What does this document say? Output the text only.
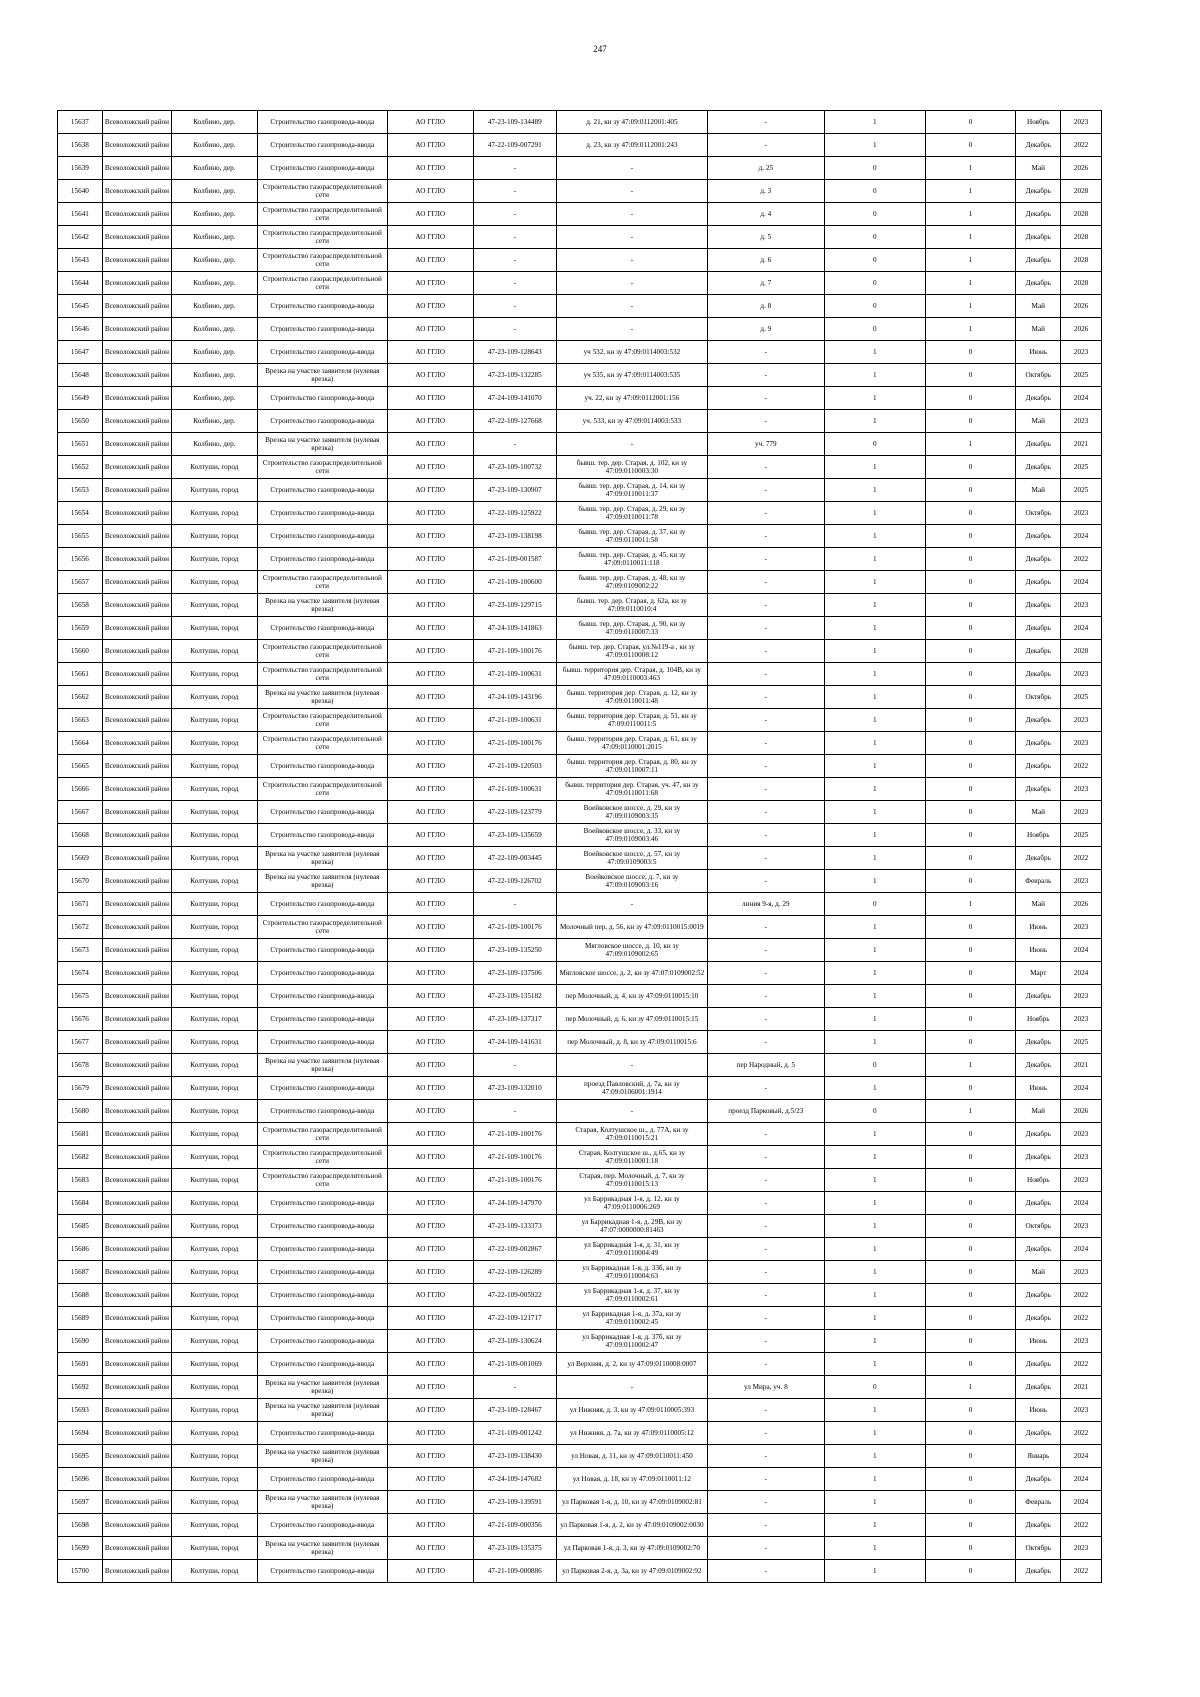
247
15637	Всеволожский район	Колбино, дер.	Строительство газопровода-ввода	АО ГГЛО	47-23-109-134489	д. 21, кн зу 47:09:0112001:405	-	1	0	Ноябрь	2023
15638	Всеволожский район	Колбино, дер.	Строительство газопровода-ввода	АО ГГЛО	47-22-109-007291	д. 23, кн зу 47:09:0112001:243	-	1	0	Декабрь	2022
15639	Всеволожский район	Колбино, дер.	Строительство газопровода-ввода	АО ГГЛО	-	-	д. 25	0	1	Май	2026
15640	Всеволожский район	Колбино, дер.	Строительство газораспределительной сети	АО ГГЛО	-	-	д. 3	0	1	Декабрь	2028
15641	Всеволожский район	Колбино, дер.	Строительство газораспределительной сети	АО ГГЛО	-	-	д. 4	0	1	Декабрь	2028
15642	Всеволожский район	Колбино, дер.	Строительство газораспределительной сети	АО ГГЛО	-	-	д. 5	0	1	Декабрь	2028
15643	Всеволожский район	Колбино, дер.	Строительство газораспределительной сети	АО ГГЛО	-	-	д. 6	0	1	Декабрь	2028
15644	Всеволожский район	Колбино, дер.	Строительство газораспределительной сети	АО ГГЛО	-	-	д. 7	0	1	Декабрь	2028
15645	Всеволожский район	Колбино, дер.	Строительство газопровода-ввода	АО ГГЛО	-	-	д. 8	0	1	Май	2026
15646	Всеволожский район	Колбино, дер.	Строительство газопровода-ввода	АО ГГЛО	-	-	д. 9	0	1	Май	2026
15647	Всеволожский район	Колбино, дер.	Строительство газопровода-ввода	АО ГГЛО	47-23-109-128643	уч 532, кн зу 47:09:0114003:532	-	1	0	Июнь	2023
15648	Всеволожский район	Колбино, дер.	Врезка на участке заявителя (нулевая врезка)	АО ГГЛО	47-23-109-132285	уч 535, кн зу 47:09:0114003:535	-	1	0	Октябрь	2025
15649	Всеволожский район	Колбино, дер.	Строительство газопровода-ввода	АО ГГЛО	47-24-109-141070	уч. 22, кн зу 47:09:0112001:156	-	1	0	Декабрь	2024
15650	Всеволожский район	Колбино, дер.	Строительство газопровода-ввода	АО ГГЛО	47-22-109-127668	уч. 533, кн зу 47:09:0114003:533	-	1	0	Май	2023
15651	Всеволожский район	Колбино, дер.	Врезка на участке заявителя (нулевая врезка)	АО ГГЛО	-	-	уч. 779	0	1	Декабрь	2021
15652	Всеволожский район	Колтуши, город	Строительство газораспределительной сети	АО ГГЛО	47-23-109-100732	бывш. тер. дер. Старая, д. 102, кн зу 47:09:0110003:30	-	1	0	Декабрь	2025
15653	Всеволожский район	Колтуши, город	Строительство газопровода-ввода	АО ГГЛО	47-23-109-130907	бывш. тер. дер. Старая, д. 14, кн зу 47:09:0110011:37	-	1	0	Май	2025
15654	Всеволожский район	Колтуши, город	Строительство газопровода-ввода	АО ГГЛО	47-22-109-125922	бывш. тер. дер. Старая, д. 29, кн зу 47:09:0110011:78	-	1	0	Октябрь	2023
15655	Всеволожский район	Колтуши, город	Строительство газопровода-ввода	АО ГГЛО	47-23-109-138198	бывш. тер. дер. Старая, д. 37, кн зу 47:09:0110011:58	-	1	0	Декабрь	2024
15656	Всеволожский район	Колтуши, город	Строительство газопровода-ввода	АО ГГЛО	47-21-109-001587	бывш. тер. дер. Старая, д. 45, кн зу 47:09:0110011:118	-	1	0	Декабрь	2022
15657	Всеволожский район	Колтуши, город	Строительство газораспределительной сети	АО ГГЛО	47-21-109-100600	бывш. тер. дер. Старая, д. 48, кн зу 47:09:0109002:22	-	1	0	Декабрь	2024
15658	Всеволожский район	Колтуши, город	Врезка на участке заявителя (нулевая врезка)	АО ГГЛО	47-23-109-129715	бывш. тер. дер. Старая, д. 62а, кн зу 47:09:0110010:4	-	1	0	Декабрь	2023
15659	Всеволожский район	Колтуши, город	Строительство газопровода-ввода	АО ГГЛО	47-24-109-141863	бывш. тер. дер. Старая, д. 90, кн зу 47:09:0110007:33	-	1	0	Декабрь	2024
15660	Всеволожский район	Колтуши, город	Строительство газораспределительной сети	АО ГГЛО	47-21-109-100176	бывш. тер. дер. Старая, ул.№119-а , кн зу 47:09:0110008:12	-	1	0	Декабрь	2028
15661	Всеволожский район	Колтуши, город	Строительство газораспределительной сети	АО ГГЛО	47-21-109-100631	бывш. территория дер. Старая, д. 104В, кн зу 47:09:0110003:463	-	1	0	Декабрь	2023
15662	Всеволожский район	Колтуши, город	Врезка на участке заявителя (нулевая врезка)	АО ГГЛО	47-24-109-143196	бывш. территория дер. Старая, д. 12, кн зу 47:09:0110011:48	-	1	0	Октябрь	2025
15663	Всеволожский район	Колтуши, город	Строительство газораспределительной сети	АО ГГЛО	47-21-109-100631	бывш. территория дер. Старая, д. 51, кн зу 47:09:0110011:5	-	1	0	Декабрь	2023
15664	Всеволожский район	Колтуши, город	Строительство газораспределительной сети	АО ГГЛО	47-21-109-100176	бывш. территория дер. Старая, д. 61, кн зу 47:09:0110001:2015	-	1	0	Декабрь	2023
15665	Всеволожский район	Колтуши, город	Строительство газопровода-ввода	АО ГГЛО	47-21-109-120503	бывш. территория дер. Старая, д. 80, кн зу 47:09:0110007:11	-	1	0	Декабрь	2022
15666	Всеволожский район	Колтуши, город	Строительство газораспределительной сети	АО ГГЛО	47-21-109-100631	бывш. территория дер. Старая, уч. 47, кн зу 47:09:0110011:68	-	1	0	Декабрь	2023
15667	Всеволожский район	Колтуши, город	Строительство газопровода-ввода	АО ГГЛО	47-22-109-123779	Воейковское шоссе, д. 29, кн зу 47:09:0109003:35	-	1	0	Май	2023
15668	Всеволожский район	Колтуши, город	Строительство газопровода-ввода	АО ГГЛО	47-23-109-135659	Воейковское шоссе, д. 33, кн зу 47:09:0109003:46	-	1	0	Ноябрь	2025
15669	Всеволожский район	Колтуши, город	Врезка на участке заявителя (нулевая врезка)	АО ГГЛО	47-22-109-003445	Воейковское шоссе, д. 57, кн зу 47:09:0109003:5	-	1	0	Декабрь	2022
15670	Всеволожский район	Колтуши, город	Врезка на участке заявителя (нулевая врезка)	АО ГГЛО	47-22-109-126702	Воейковское шоссе, д. 7, кн зу 47:09:0109003:16	-	1	0	Февраль	2023
15671	Всеволожский район	Колтуши, город	Строительство газопровода-ввода	АО ГГЛО	-	-	линия 9-я, д. 29	0	1	Май	2026
15672	Всеволожский район	Колтуши, город	Строительство газораспределительной сети	АО ГГЛО	47-21-109-100176	Молочный пер, д. 56, кн зу 47:09:0110015:0019	-	1	0	Июнь	2023
15673	Всеволожский район	Колтуши, город	Строительство газопровода-ввода	АО ГГЛО	47-23-109-135250	Мягловское шоссе, д. 10, кн зу 47:09:0109002:65	-	1	0	Июнь	2024
15674	Всеволожский район	Колтуши, город	Строительство газопровода-ввода	АО ГГЛО	47-23-109-137506	Мягловское шоссе, д. 2, кн зу 47:07:0109002:52	-	1	0	Март	2024
15675	Всеволожский район	Колтуши, город	Строительство газопровода-ввода	АО ГГЛО	47-23-109-135182	пер Молочный, д. 4, кн зу 47:09:0110015:10	-	1	0	Декабрь	2023
15676	Всеволожский район	Колтуши, город	Строительство газопровода-ввода	АО ГГЛО	47-23-109-137317	пер Молочный, д. 6, кн зу 47:09:0110015:15	-	1	0	Ноябрь	2023
15677	Всеволожский район	Колтуши, город	Строительство газопровода-ввода	АО ГГЛО	47-24-109-141631	пер Молочный, д. 8, кн зу 47:09:0110015:6	-	1	0	Декабрь	2025
15678	Всеволожский район	Колтуши, город	Врезка на участке заявителя (нулевая врезка)	АО ГГЛО	-	-	пер Народный, д. 5	0	1	Декабрь	2021
15679	Всеволожский район	Колтуши, город	Строительство газопровода-ввода	АО ГГЛО	47-23-109-132010	проезд Павловский, д. 7а, кн зу 47:09:0106001:1914	-	1	0	Июнь	2024
15680	Всеволожский район	Колтуши, город	Строительство газопровода-ввода	АО ГГЛО	-	-	проезд Парковый, д.5/23	0	1	Май	2026
15681	Всеволожский район	Колтуши, город	Строительство газораспределительной сети	АО ГГЛО	47-21-109-100176	Старая, Колтушское ш., д. 77А, кн зу 47:09:0110015:21	-	1	0	Декабрь	2023
15682	Всеволожский район	Колтуши, город	Строительство газораспределительной сети	АО ГГЛО	47-21-109-100176	Старая, Колтушское ш., д.65, кн зу 47:09:0110001:18	-	1	0	Декабрь	2023
15683	Всеволожский район	Колтуши, город	Строительство газораспределительной сети	АО ГГЛО	47-21-109-100176	Старая, пер. Молочный, д. 7, кн зу 47:09:0110015:13	-	1	0	Ноябрь	2023
15684	Всеволожский район	Колтуши, город	Строительство газопровода-ввода	АО ГГЛО	47-24-109-147970	ул Баррикадная 1-я, д. 12, кн зу 47:09:0110006:269	-	1	0	Декабрь	2024
15685	Всеволожский район	Колтуши, город	Строительство газопровода-ввода	АО ГГЛО	47-23-109-133373	ул Баррикадная 1-я, д. 29В, кн зу 47:07:0000000:81463	-	1	0	Октябрь	2023
15686	Всеволожский район	Колтуши, город	Строительство газопровода-ввода	АО ГГЛО	47-22-109-002867	ул Баррикадная 1-я, д. 31, кн зу 47:09:0110004:49	-	1	0	Декабрь	2024
15687	Всеволожский район	Колтуши, город	Строительство газопровода-ввода	АО ГГЛО	47-22-109-126289	ул Баррикадная 1-я, д. 33б, кн зу 47:09:0110004:63	-	1	0	Май	2023
15688	Всеволожский район	Колтуши, город	Строительство газопровода-ввода	АО ГГЛО	47-22-109-005922	ул Баррикадная 1-я, д. 37, кн зу 47:09:0110002:61	-	1	0	Декабрь	2022
15689	Всеволожский район	Колтуши, город	Строительство газопровода-ввода	АО ГГЛО	47-22-109-121717	ул Баррикадная 1-я, д. 37а, кн зу 47:09:0110002:45	-	1	0	Декабрь	2022
15690	Всеволожский район	Колтуши, город	Строительство газопровода-ввода	АО ГГЛО	47-23-109-130624	ул Баррикадная 1-я, д. 37б, кн зу 47:09:0110002:47	-	1	0	Июнь	2023
15691	Всеволожский район	Колтуши, город	Строительство газопровода-ввода	АО ГГЛО	47-21-109-001069	ул Верхняя, д. 2, кн зу 47:09:0110008:0007	-	1	0	Декабрь	2022
15692	Всеволожский район	Колтуши, город	Врезка на участке заявителя (нулевая врезка)	АО ГГЛО	-	-	ул Мира, уч. 8	0	1	Декабрь	2021
15693	Всеволожский район	Колтуши, город	Врезка на участке заявителя (нулевая врезка)	АО ГГЛО	47-23-109-128467	ул Нижняя, д. 3, кн зу 47:09:0110005:393	-	1	0	Июнь	2023
15694	Всеволожский район	Колтуши, город	Строительство газопровода-ввода	АО ГГЛО	47-21-109-001242	ул Нижняя, д. 7а, кн зу 47:09:0110005:12	-	1	0	Декабрь	2022
15695	Всеволожский район	Колтуши, город	Врезка на участке заявителя (нулевая врезка)	АО ГГЛО	47-23-109-138430	ул Новая, д. 11, кн зу 47:09:0110011:450	-	1	0	Январь	2024
15696	Всеволожский район	Колтуши, город	Строительство газопровода-ввода	АО ГГЛО	47-24-109-147682	ул Новая, д. 18, кн зу 47:09:0110011:12	-	1	0	Декабрь	2024
15697	Всеволожский район	Колтуши, город	Врезка на участке заявителя (нулевая врезка)	АО ГГЛО	47-23-109-139591	ул Парковая 1-я, д. 10, кн зу 47:09:0109002:81	-	1	0	Февраль	2024
15698	Всеволожский район	Колтуши, город	Строительство газопровода-ввода	АО ГГЛО	47-21-109-000356	ул Парковая 1-я, д. 2, кн зу 47:09:0109002:0030	-	1	0	Декабрь	2022
15699	Всеволожский район	Колтуши, город	Врезка на участке заявителя (нулевая врезка)	АО ГГЛО	47-23-109-135375	ул Парковая 1-я, д. 3, кн зу 47:09:0109002:70	-	1	0	Октябрь	2023
15700	Всеволожский район	Колтуши, город	Строительство газопровода-ввода	АО ГГЛО	47-21-109-000886	ул Парковая 2-я, д. 3а, кн зу 47:09:0109002:92	-	1	0	Декабрь	2022
